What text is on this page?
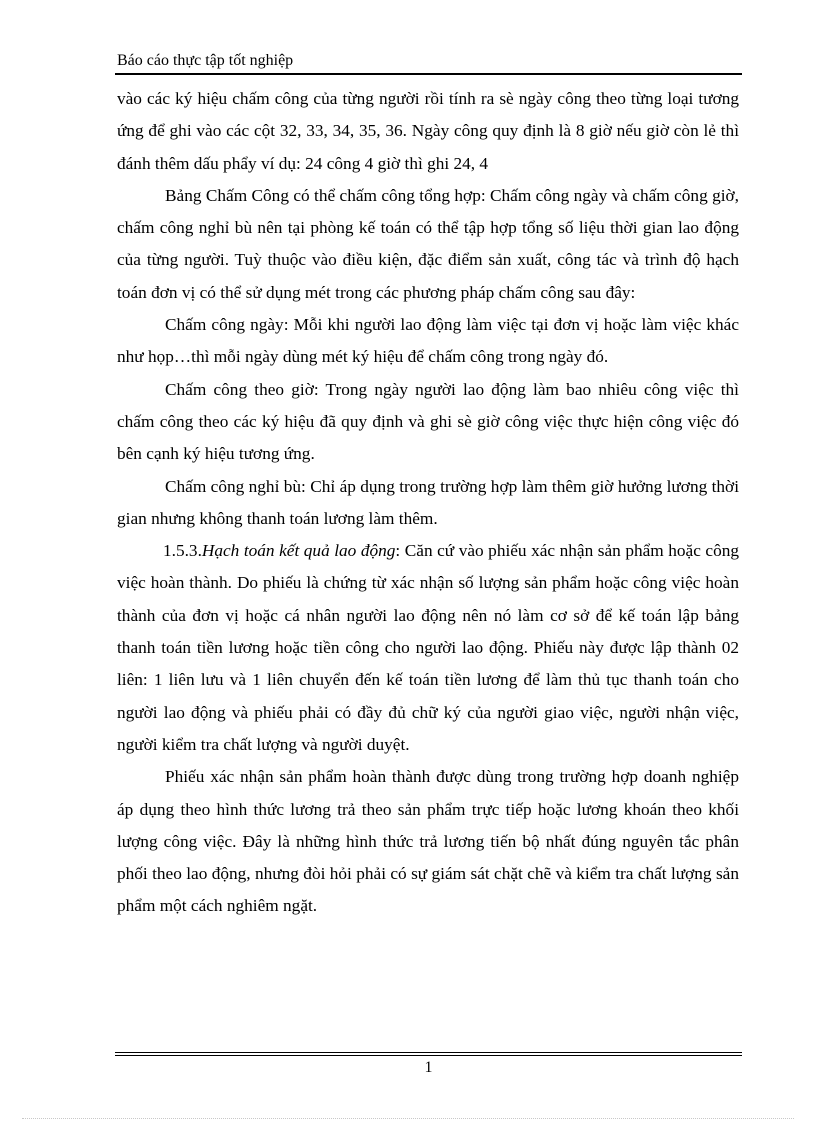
Báo cáo thực tập tốt nghiệp

vào các ký hiệu chấm công của từng người rồi tính ra sè ngày công theo từng loại tương ứng để ghi vào các cột 32, 33, 34, 35, 36. Ngày công quy định là 8 giờ nếu giờ còn lẻ thì đánh thêm dấu phẩy ví dụ: 24 công 4 giờ thì ghi 24, 4

Bảng Chấm Công có thể chấm công tổng hợp: Chấm công ngày và chấm công giờ, chấm công nghỉ bù nên tại phòng kế toán có thể tập hợp tổng số liệu thời gian lao động của từng người. Tuỳ thuộc vào điều kiện, đặc điểm sản xuất, công tác và trình độ hạch toán đơn vị có thể sử dụng mét trong các phương pháp chấm công sau đây:

Chấm công ngày: Mỗi khi người lao động làm việc tại đơn vị hoặc làm việc khác như họp…thì mỗi ngày dùng mét ký hiệu để chấm công trong ngày đó.

Chấm công theo giờ: Trong ngày người lao động làm bao nhiêu công việc thì chấm công theo các ký hiệu đã quy định và ghi sè giờ công việc thực hiện công việc đó bên cạnh ký hiệu tương ứng.

Chấm công nghỉ bù: Chỉ áp dụng trong trường hợp làm thêm giờ hưởng lương thời gian nhưng không thanh toán lương làm thêm.

1.5.3.Hạch toán kết quả lao động: Căn cứ vào phiếu xác nhận sản phẩm hoặc công việc hoàn thành. Do phiếu là chứng từ xác nhận số lượng sản phẩm hoặc công việc hoàn thành của đơn vị hoặc cá nhân người lao động nên nó làm cơ sở để kế toán lập bảng thanh toán tiền lương hoặc tiền công cho người lao động. Phiếu này được lập thành 02 liên: 1 liên lưu và 1 liên chuyển đến kế toán tiền lương để làm thủ tục thanh toán cho người lao động và phiếu phải có đầy đủ chữ ký của người giao việc, người nhận việc, người kiểm tra chất lượng và người duyệt.

Phiếu xác nhận sản phẩm hoàn thành được dùng trong trường hợp doanh nghiệp áp dụng theo hình thức lương trả theo sản phẩm trực tiếp hoặc lương khoán theo khối lượng công việc. Đây là những hình thức trả lương tiến bộ nhất đúng nguyên tắc phân phối theo lao động, nhưng đòi hỏi phải có sự giám sát chặt chẽ và kiểm tra chất lượng sản phẩm một cách nghiêm ngặt.

1
